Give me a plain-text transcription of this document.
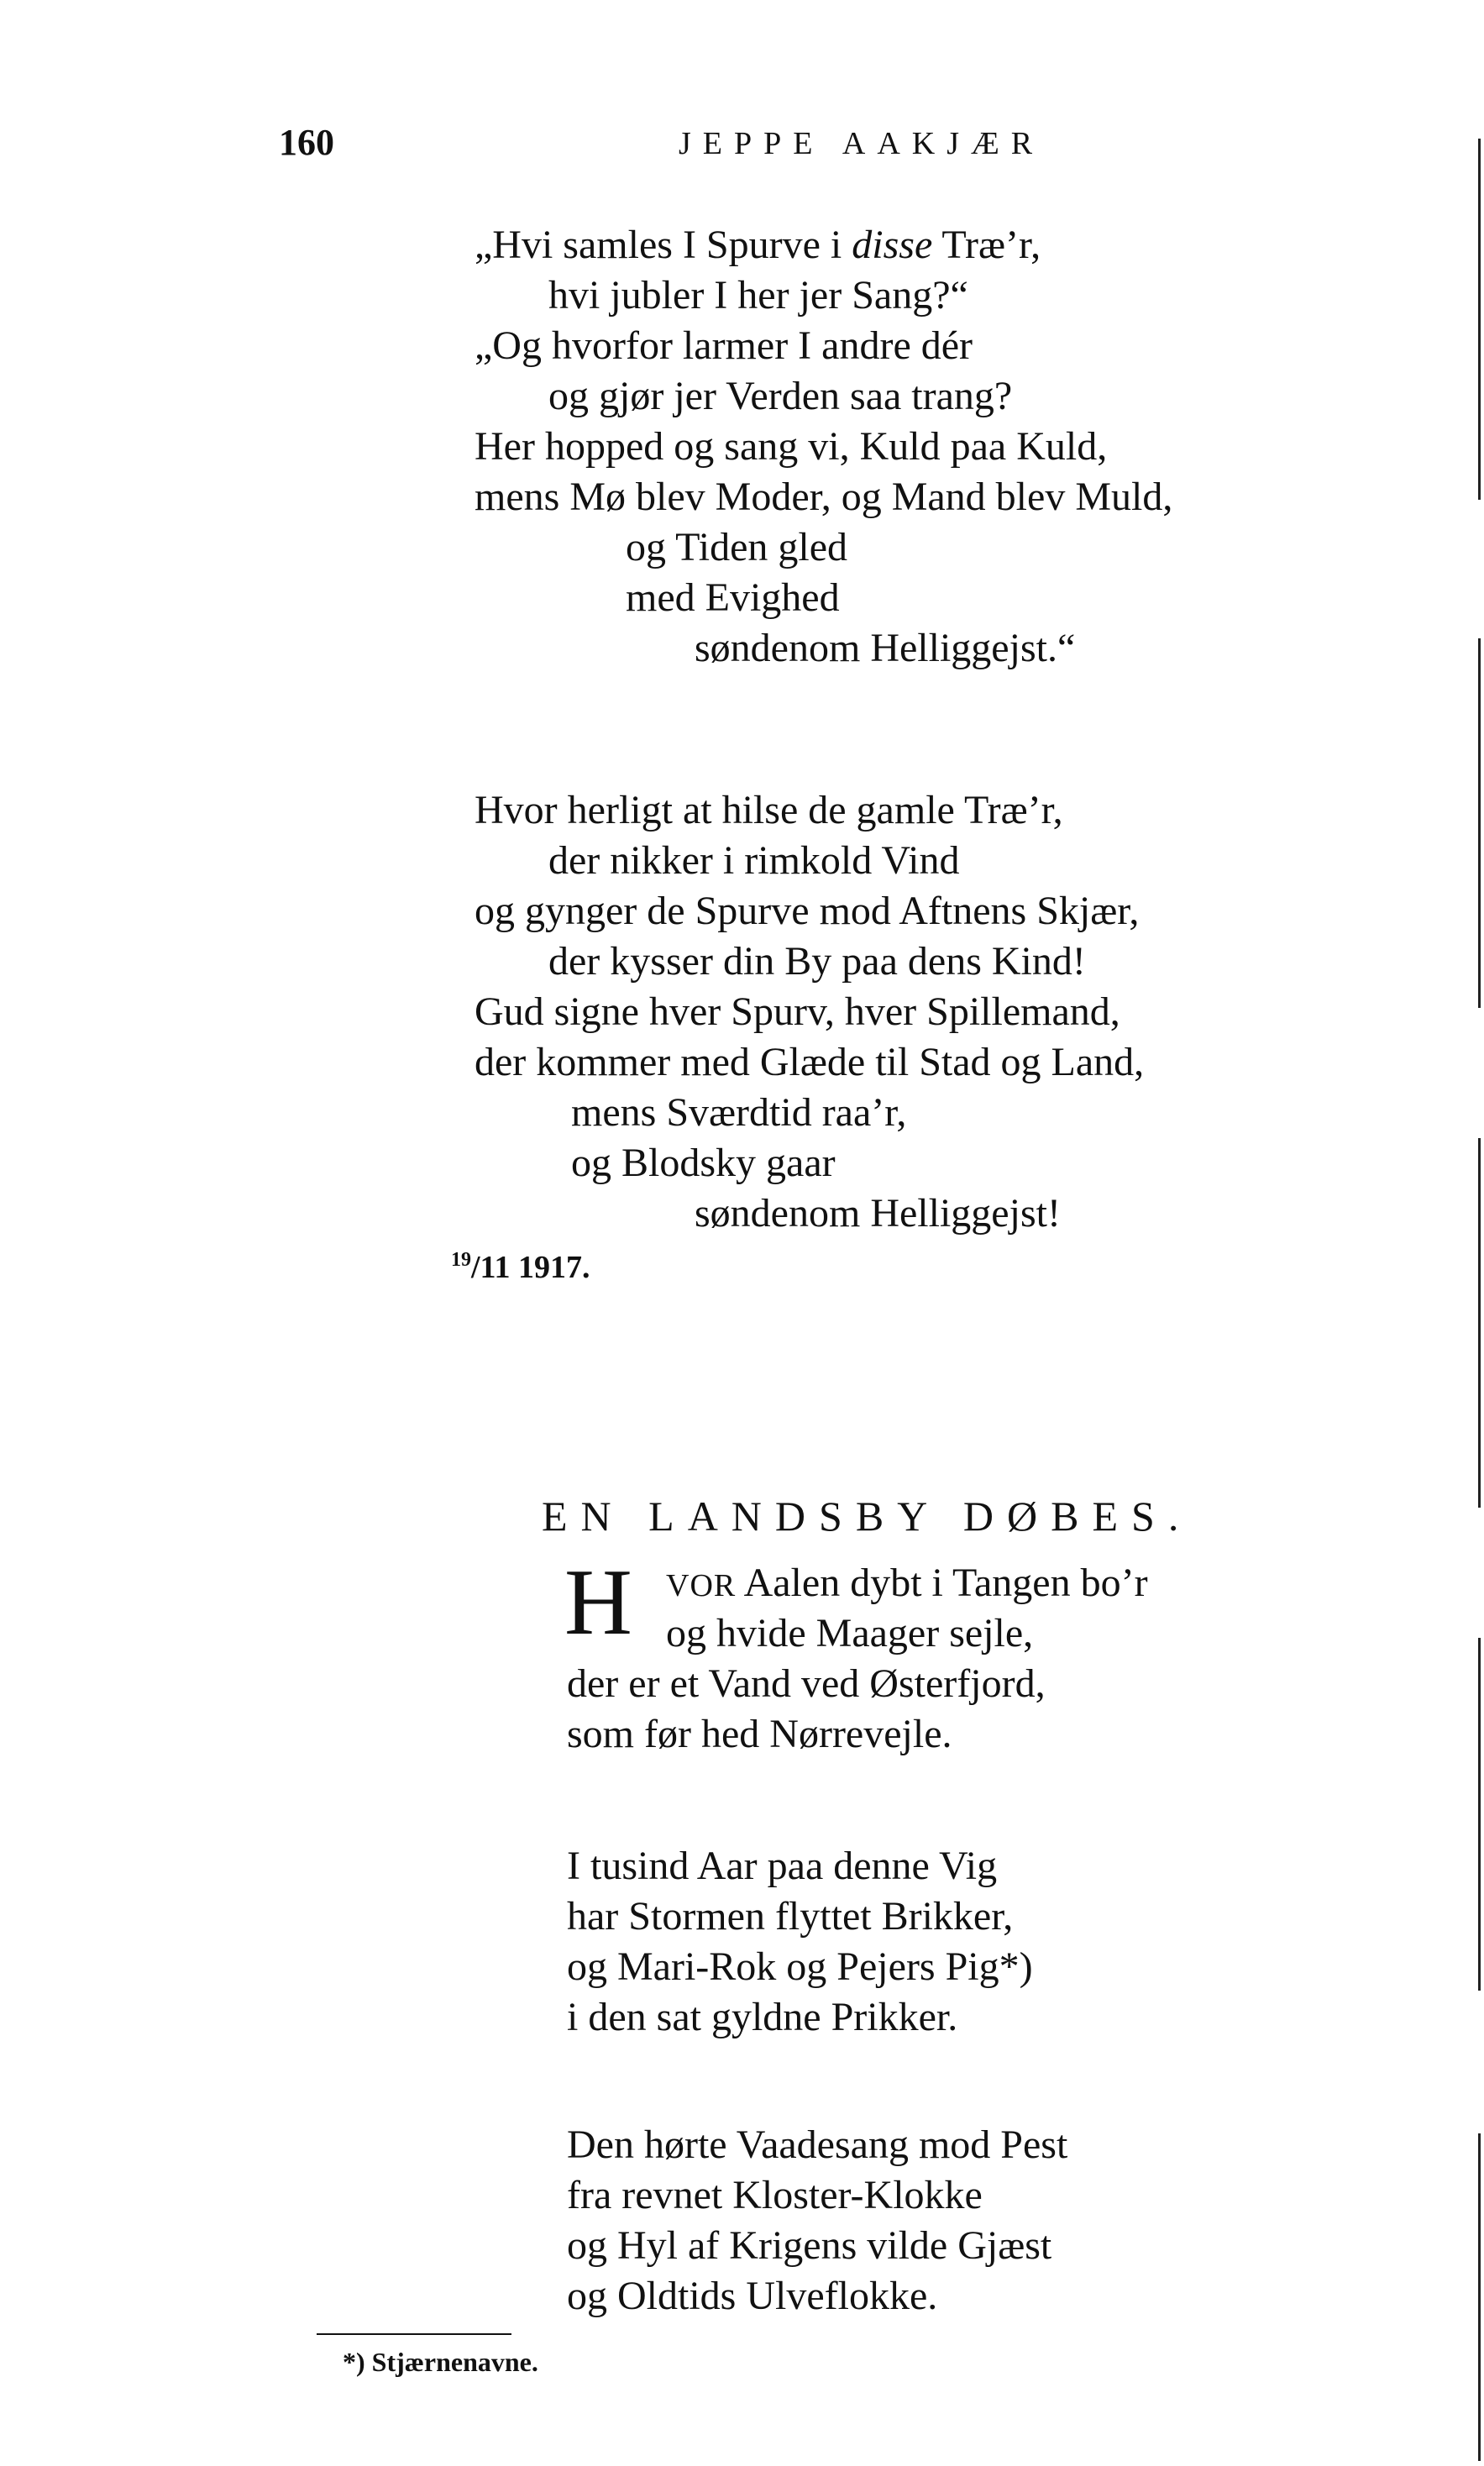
160	JEPPE AAKJÆR
„Hvi samles I Spurve i disse Træ’r,
hvi jubler I her jer Sang?“
„Og hvorfor larmer I andre dér
og gjør jer Verden saa trang?
Her hopped og sang vi, Kuld paa Kuld,
mens Mø blev Moder, og Mand blev Muld,
og Tiden gled
med Evighed
søndenom Helliggejst.“
Hvor herligt at hilse de gamle Træ’r,
der nikker i rimkold Vind
og gynger de Spurve mod Aftnens Skjær,
der kysser din By paa dens Kind!
Gud signe hver Spurv, hver Spillemand,
der kommer med Glæde til Stad og Land,
mens Sværdtid raa’r,
og Blodsky gaar
søndenom Helliggejst!
$^{19}$/11 1917.
EN LANDSBY DØBES.
H VOR Aalen dybt i Tangen bo’r
og hvide Maager sejle,
der er et Vand ved Østerfjord,
som før hed Nørrevejle.
I tusind Aar paa denne Vig
har Stormen flyttet Brikker,
og Mari-Rok og Pejers Pig*)
i den sat gyldne Prikker.
Den hørte Vaadesang mod Pest
fra revnet Kloster-Klokke
og Hyl af Krigens vilde Gjæst
og Oldtids Ulveflokke.
*) Stjærnenavne.
